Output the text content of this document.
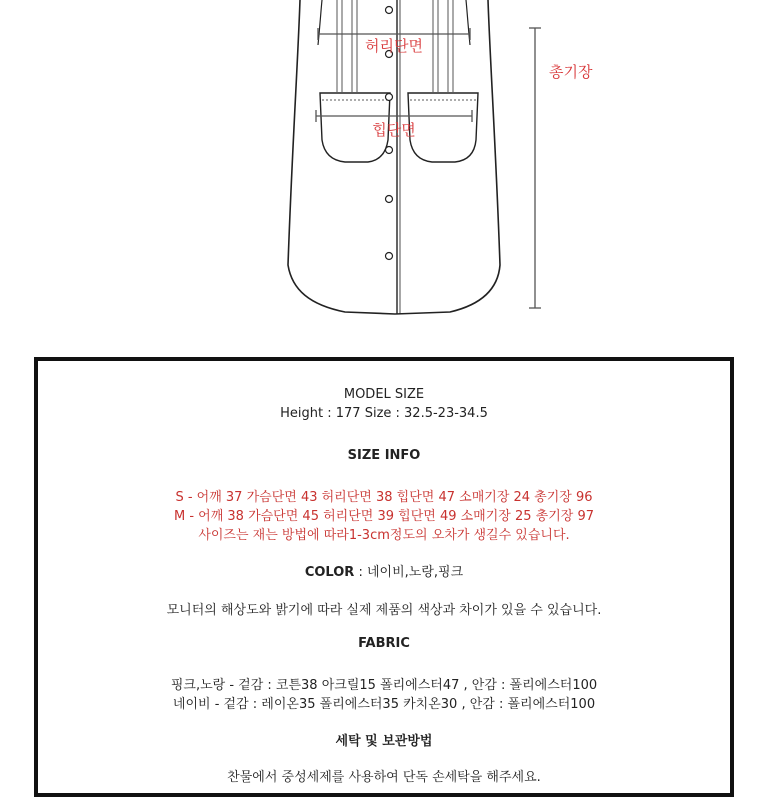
허리단면
힙단면
총기장
MODEL SIZE
Height : 177 Size : 32.5-23-34.5
SIZE INFO
S - 어깨 37 가슴단면 43 허리단면 38 힙단면 47 소매기장 24 총기장 96
M - 어깨 38 가슴단면 45 허리단면 39 힙단면 49 소매기장 25 총기장 97
사이즈는 재는 방법에 따라1-3cm정도의 오차가 생길수 있습니다.
COLOR : 네이비,노랑,핑크
모니터의 해상도와 밝기에 따라 실제 제품의 색상과 차이가 있을 수 있습니다.
FABRIC
핑크,노랑 - 겉감 : 코튼38 아크릴15 폴리에스터47 , 안감 : 폴리에스터100
네이비 - 겉감 : 레이온35 폴리에스터35 카치온30 , 안감 : 폴리에스터100
세탁 및 보관방법
찬물에서 중성세제를 사용하여 단독 손세탁을 해주세요.
